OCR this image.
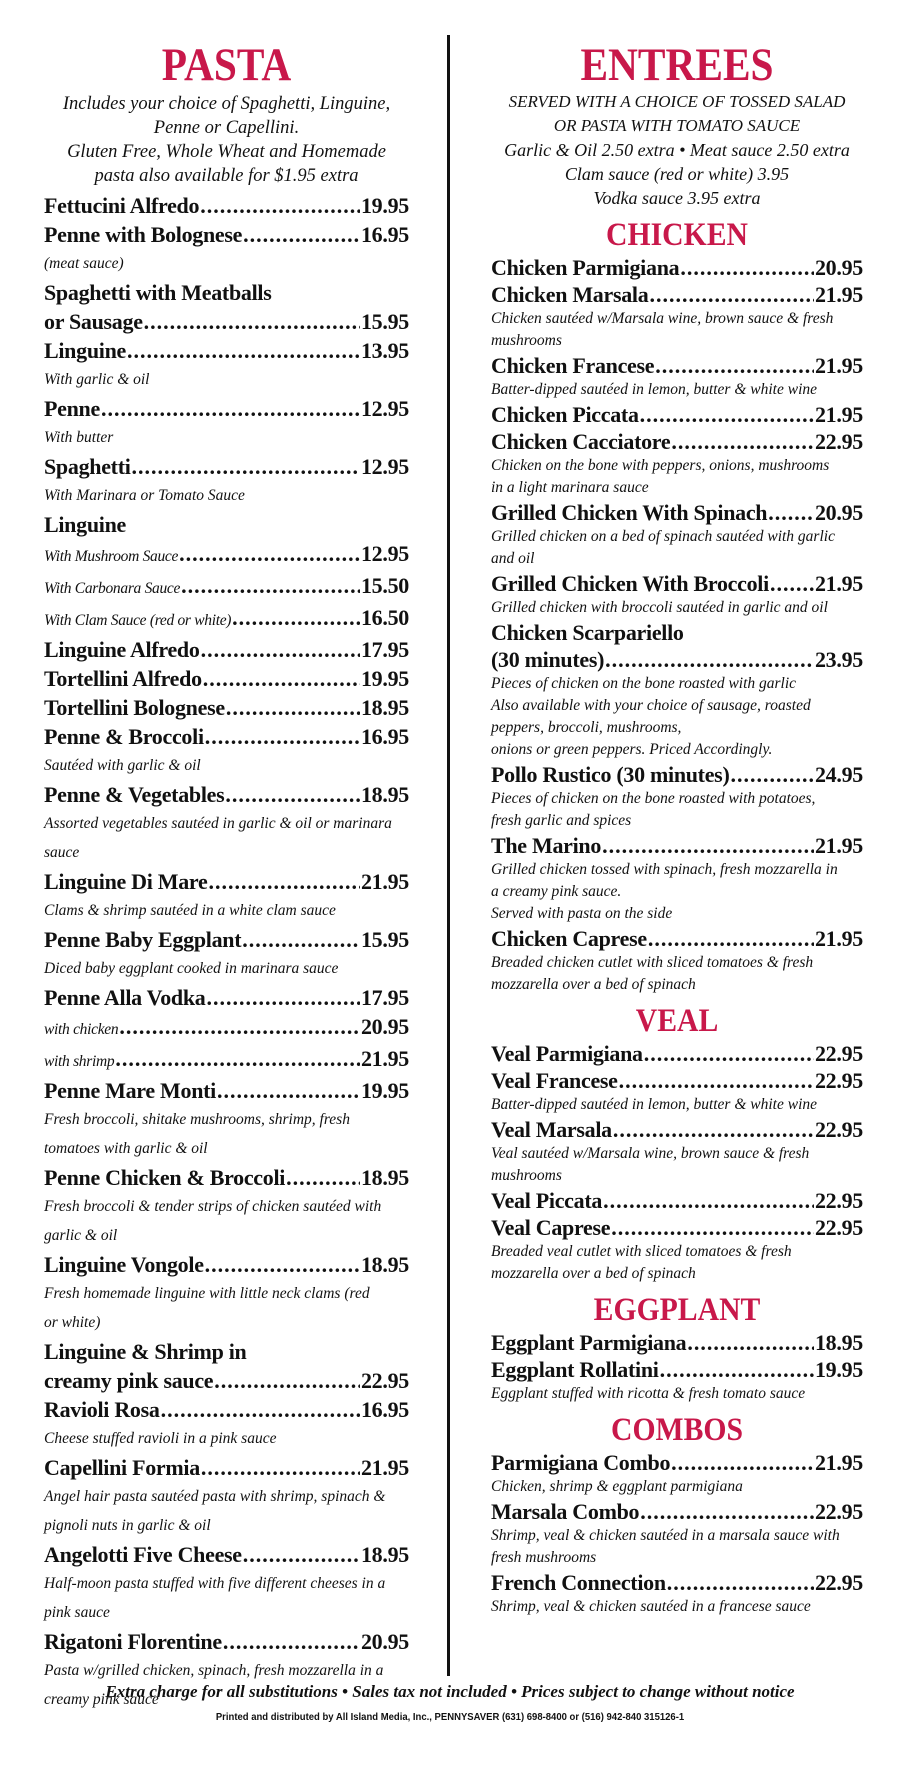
PASTA
Includes your choice of Spaghetti, Linguine,
Penne or Capellini.
Gluten Free, Whole Wheat and Homemade
pasta also available for $1.95 extra
Fettucini Alfredo .....	19.95
Penne with Bolognese .....	16.95
(meat sauce)
Spaghetti with Meatballs
or Sausage .....	15.95
Linguine .....	13.95
With garlic & oil
Penne .....	12.95
With butter
Spaghetti .....	12.95
With Marinara or Tomato Sauce
Linguine
With Mushroom Sauce .....	12.95
With Carbonara Sauce .....	15.50
With Clam Sauce (red or white) .....	16.50
Linguine Alfredo .....	17.95
Tortellini Alfredo .....	19.95
Tortellini Bolognese .....	18.95
Penne & Broccoli .....	16.95
Sautéed with garlic & oil
Penne & Vegetables .....	18.95
Assorted vegetables sautéed in garlic & oil or marinara sauce
Linguine Di Mare .....	21.95
Clams & shrimp sautéed in a white clam sauce
Penne Baby Eggplant .....	15.95
Diced baby eggplant cooked in marinara sauce
Penne Alla Vodka .....	17.95
with chicken .....	20.95
with shrimp .....	21.95
Penne Mare Monti .....	19.95
Fresh broccoli, shitake mushrooms, shrimp, fresh
tomatoes with garlic & oil
Penne Chicken & Broccoli .....	18.95
Fresh broccoli & tender strips of chicken sautéed with
garlic & oil
Linguine Vongole .....	18.95
Fresh homemade linguine with little neck clams (red
or white)
Linguine & Shrimp in
creamy pink sauce .....	22.95
Ravioli Rosa .....	16.95
Cheese stuffed ravioli in a pink sauce
Capellini Formia .....	21.95
Angel hair pasta sautéed pasta with shrimp, spinach &
pignoli nuts in garlic & oil
Angelotti Five Cheese .....	18.95
Half-moon pasta stuffed with five different cheeses in a
pink sauce
Rigatoni Florentine .....	20.95
Pasta w/grilled chicken, spinach, fresh mozzarella in a
creamy pink sauce
ENTREES
SERVED WITH A CHOICE OF TOSSED SALAD
OR PASTA WITH TOMATO SAUCE
Garlic & Oil 2.50 extra • Meat sauce 2.50 extra
Clam sauce (red or white) 3.95
Vodka sauce 3.95 extra
CHICKEN
Chicken Parmigiana .....	20.95
Chicken Marsala .....	21.95
Chicken sautéed w/Marsala wine, brown sauce & fresh
mushrooms
Chicken Francese .....	21.95
Batter-dipped sautéed in lemon, butter & white wine
Chicken Piccata .....	21.95
Chicken Cacciatore .....	22.95
Chicken on the bone with peppers, onions, mushrooms
in a light marinara sauce
Grilled Chicken With Spinach ..... 20.95
Grilled chicken on a bed of spinach sautéed with garlic
and oil
Grilled Chicken With Broccoli ..... 21.95
Grilled chicken with broccoli sautéed in garlic and oil
Chicken Scarpariello
(30 minutes) .....	23.95
Pieces of chicken on the bone roasted with garlic
Also available with your choice of sausage, roasted
peppers, broccoli, mushrooms,
onions or green peppers. Priced Accordingly.
Pollo Rustico (30 minutes) .....	24.95
Pieces of chicken on the bone roasted with potatoes,
fresh garlic and spices
The Marino .....	21.95
Grilled chicken tossed with spinach, fresh mozzarella in
a creamy pink sauce.
Served with pasta on the side
Chicken Caprese .....	21.95
Breaded chicken cutlet with sliced tomatoes & fresh
mozzarella over a bed of spinach
VEAL
Veal Parmigiana .....	22.95
Veal Francese .....	22.95
Batter-dipped sautéed in lemon, butter & white wine
Veal Marsala .....	22.95
Veal sautéed w/Marsala wine, brown sauce & fresh
mushrooms
Veal Piccata .....	22.95
Veal Caprese .....	22.95
Breaded veal cutlet with sliced tomatoes & fresh
mozzarella over a bed of spinach
EGGPLANT
Eggplant Parmigiana .....	18.95
Eggplant Rollatini .....	19.95
Eggplant stuffed with ricotta & fresh tomato sauce
COMBOS
Parmigiana Combo .....	21.95
Chicken, shrimp & eggplant parmigiana
Marsala Combo .....	22.95
Shrimp, veal & chicken sautéed in a marsala sauce with
fresh mushrooms
French Connection .....	22.95
Shrimp, veal & chicken sautéed in a francese sauce
Extra charge for all substitutions • Sales tax not included • Prices subject to change without notice
Printed and distributed by All Island Media, Inc., PENNYSAVER (631) 698-8400 or (516) 942-840 315126-1
